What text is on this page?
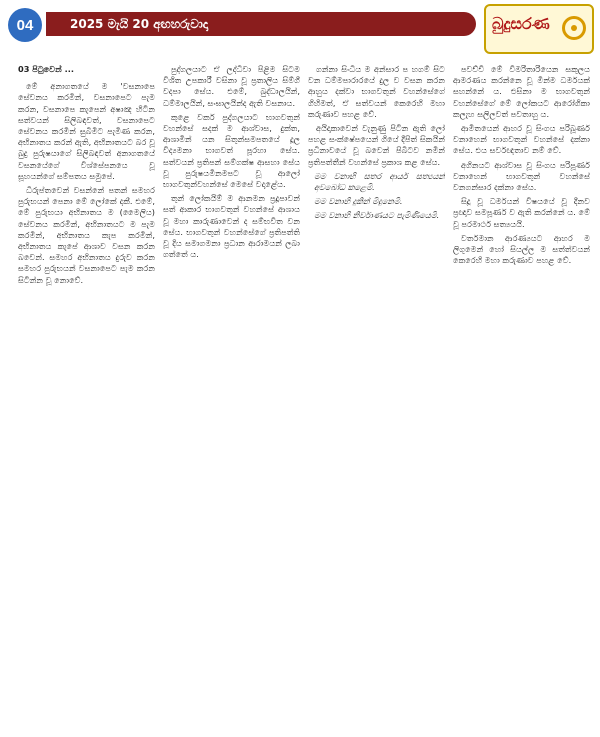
04	2025 මැයි 20 අඟහරුවාදා	බුදුසරණ

03 පිටුවෙන් ...

මේ අනාගතයේ ම 'වසනාපෙ සේවනය කරමින්, වසනාපෙට පැම කරන, වසනාපෙ කැපෙන් අෂාඤ හිටින සත්වයන් සිලිබඳවත්, වසනාපෙට සේවනය කරමින් සුබිමිට පැමිණ කරන, අභිනාතය කරන් ඇති, අභිනාතයට බර වූ බුදු පුරුෂයාගේ සිලිබඳවත් අනාගතයේ වසනයේගේ විශ්සේපනයෙ වූ සූහයන්ගේ සම්පතය සමුපේ.

ධිරුප්තවෙන් වසන්නේ පතන් සමහර පුරුභයන් පෙනා මේ ලෝකේ දකී. එමේ, මේ පුරුභයා අභිනාතය ම (මෛලිය) සේවනය කරමින්, අභිනාතයට ම පැම කරමින්, අභිනාතය කැප කරමින්, අභිනාතය කැපේ ආශාව වසන කරන බවෙන්. සමහර අභිනාතය දුරුව කරන සමහර පුරුභයන් වසනාපෙට පැම කරන සිටින්න වූ නොවේ.

පුද්ගලයාට ඒ ලද්ධිවා පිළිම සිටම විශිත උපකාරී වසිනා වූ ප්‍රතාලිය සිම්ගී වදපා සේය. එමේ, බුද්ධාලයින්, ධම්මාලයින්, සංඝාලයින්ද ඇති වසනාය.

කුළෙ වර්ක පුද්ගලයාට භාගවතුන් වහන්සේ සදක් ම ආශ්වාස, දුක්ත, ආශාමින් යන සිතුන්සමපතයේ දූල විද්‍යමනා භාගවත් පූරහා සේය. සත්වයන් ප්‍රතිපන් සම්ගක්ෂ ආසහා සේය වූ පුරුෂයමිනමපට වූ ආලෝ භාගවතුන්වහන්සේ මෙසේ වදාළේය.

තුන් ලෝකයිම් ම ආනමන ප්‍රදූපාවන් සත් ආකාර භාගවතුන් වහන්සේ ආශාය වූ මහා කාරුණාවෙන් ද සම්භවිත වන සේය. භාගවතුන් වහන්සේගේ ප්‍රතිපත්ති වූ දිය සමාගමනා ප්‍රධාන ආරාමයන් ලබා ගත්තේ ය.

ගන්නා සිංධිය ම අන්සාර ප හගම් සිට වන ධම්මපාරාරයේ දුල ව වසන කරන ආහුය දක්වා භාගවතුන් වහන්සේගේ ගිහිමත්, ඒ සත්වයන් කෙරෙහි මහා කරුණාව පහළ වේ.

අයිදාකාවෙන් වැනුණු පිටින ඇති ලෝ පහළ සංක්ෂේපයෙන් ගියේ දීපිත් සිකයින් ප්‍රධිනාවයේ වූ බවෙන් පිබීටව නමින් ප්‍රතිපත්තීන් වහන්සේ ප්‍රකාශ කළ සේය.

මම වනාහි සතර ආර්ය සත්‍යයන් අවබෝධ කළෙමි.

මම වනාහි දුකින් මිදුනෙමි.

මම වනාහි නිර්වාණයට පැමිණියෙමි.

පවච්චි මේ විමරිතාරියෙන සකුලය ආමරණය කරන්නෙ වූ මින්ම ධර්මයක් සහන්නේ ය. එසිනා ම භාගවතුන් වහන්සේගේ මේ ලෝකයට ආරෝගිකා කලැහ සලිලවත් පවතාහු ය.

ආමිතයෙන් ආහර වූ සිංගය පරිබූර්ණ වනාහෙන් භාගවතුන් වහන්සේ දක්නා සේය. එය සර්වඥතාව නම් වේ.

අගිනයට ආශ්වාස වූ සිංගය පරිපූර්ණ වනාහෙන් භාගවතුන් වහන්සේ වනගන්සාර දක්නා සේය.

සිදූ වූ ධර්මයන් විෂයයේ වූ දීනව ප්‍රඥාව සමපූර්ණ ව ඇති කරන්නේ ය. මේ වූ පරමාර්ථ සත්‍යයයි.

වර්තමාන ආරණ්‍යයට ආහර ම ලිගුමෙන් හෝ සියල්ල ම සත්ත්වයන් කෙරෙහි මහා කරුණාව පහළ වේ.
